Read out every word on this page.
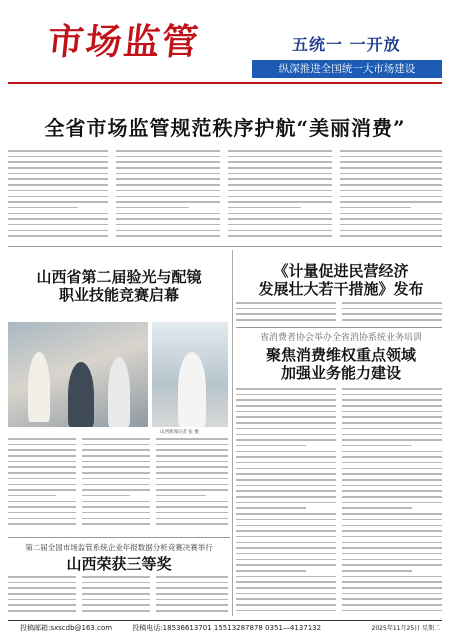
市场监管	五统一 一开放
纵深推进全国统一大市场建设
全省市场监管规范秩序护航“美丽消费”
山西省第二届验光与配镜
职业技能竞赛启幕
山西新闻记者 张 摄
《计量促进民营经济
发展壮大若干措施》发布
省消费者协会举办全省消协系统业务培训
聚焦消费维权重点领域
加强业务能力建设
第二届全国市场监管系统企业年报数据分析竞赛决赛举行
山西荣获三等奖
投稿邮箱:sxscdb@163.com	投稿电话:18536613701 15513287878 0351—4137132	2025年11月25日 星期二
